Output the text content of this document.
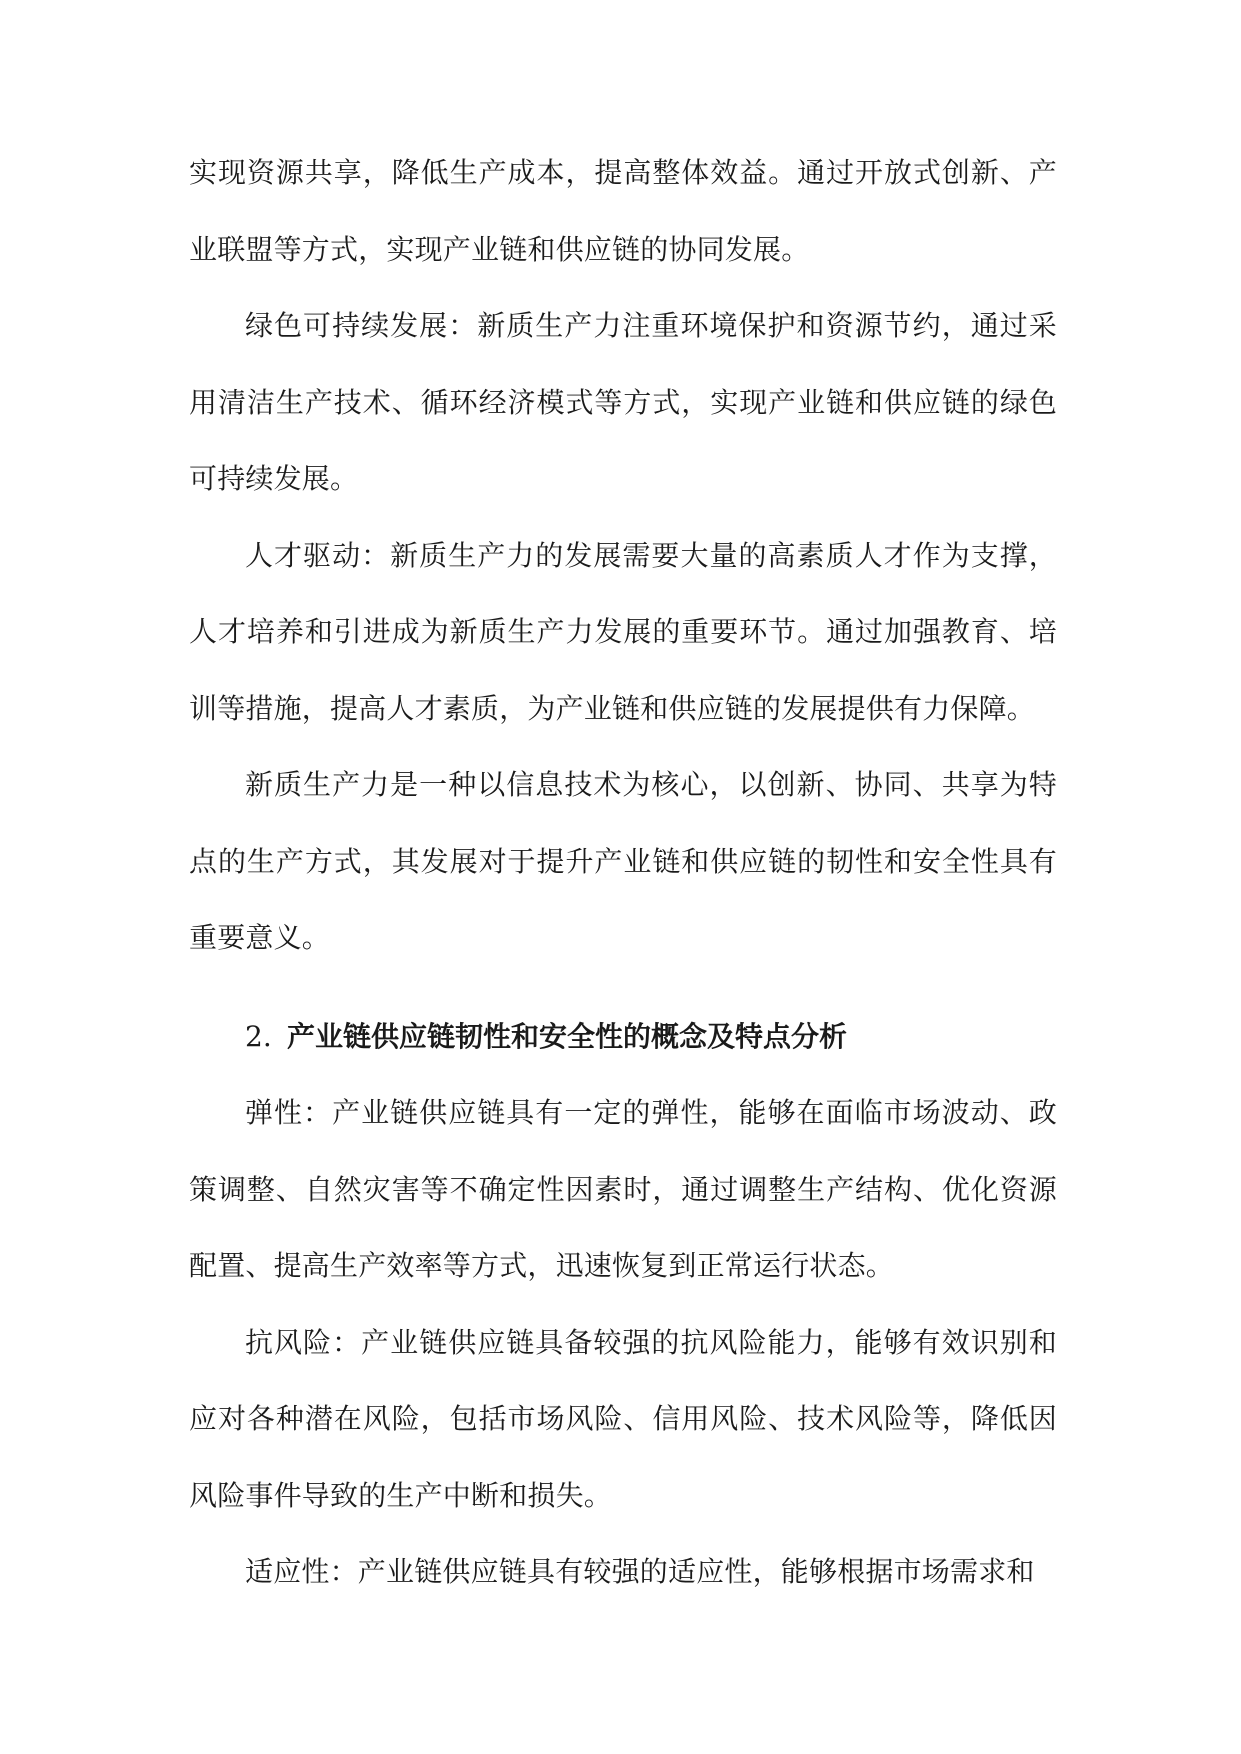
实现资源共享，降低生产成本，提高整体效益。通过开放式创新、产业联盟等方式，实现产业链和供应链的协同发展。

绿色可持续发展：新质生产力注重环境保护和资源节约，通过采用清洁生产技术、循环经济模式等方式，实现产业链和供应链的绿色可持续发展。

人才驱动：新质生产力的发展需要大量的高素质人才作为支撑，人才培养和引进成为新质生产力发展的重要环节。通过加强教育、培训等措施，提高人才素质，为产业链和供应链的发展提供有力保障。

新质生产力是一种以信息技术为核心，以创新、协同、共享为特点的生产方式，其发展对于提升产业链和供应链的韧性和安全性具有重要意义。

2. 产业链供应链韧性和安全性的概念及特点分析

弹性：产业链供应链具有一定的弹性，能够在面临市场波动、政策调整、自然灾害等不确定性因素时，通过调整生产结构、优化资源配置、提高生产效率等方式，迅速恢复到正常运行状态。

抗风险：产业链供应链具备较强的抗风险能力，能够有效识别和应对各种潜在风险，包括市场风险、信用风险、技术风险等，降低因风险事件导致的生产中断和损失。

适应性：产业链供应链具有较强的适应性，能够根据市场需求和
